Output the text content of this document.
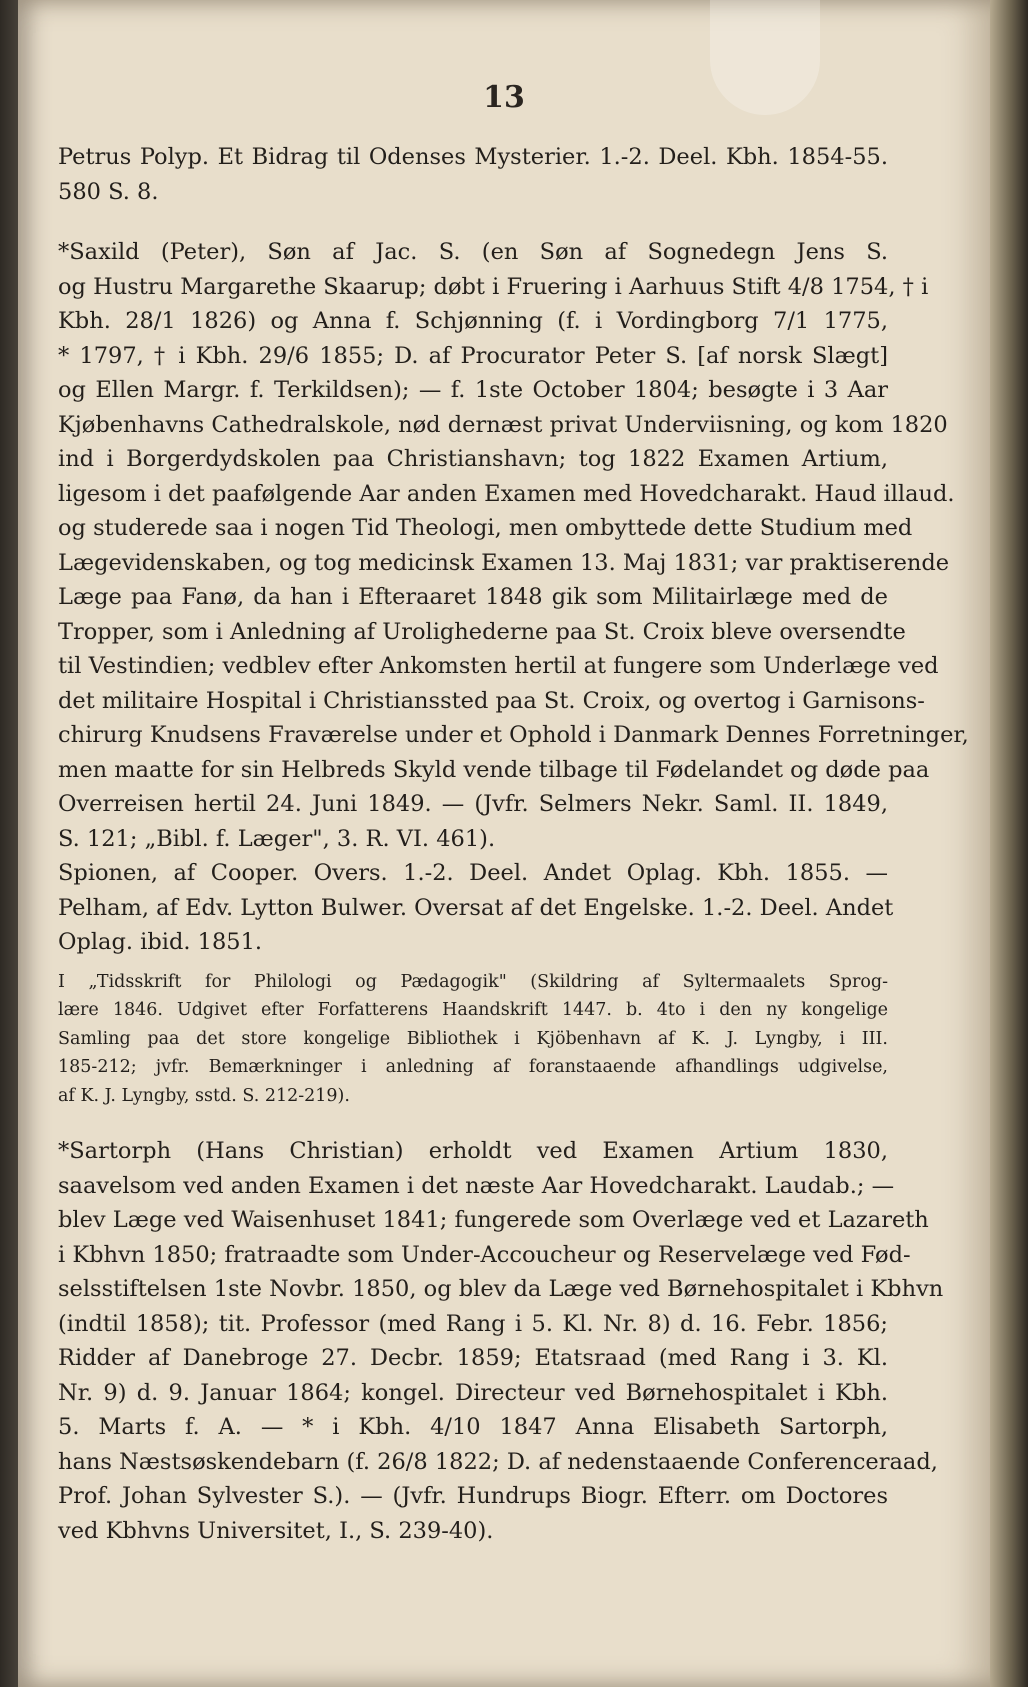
13
Petrus Polyp. Et Bidrag til Odenses Mysterier. 1.-2. Deel. Kbh. 1854-55.
580 S. 8.
*Saxild (Peter), Søn af Jac. S. (en Søn af Sognedegn Jens S.
og Hustru Margarethe Skaarup; døbt i Fruering i Aarhuus Stift 4/8 1754, † i
Kbh. 28/1 1826) og Anna f. Schjønning (f. i Vordingborg 7/1 1775,
* 1797, † i Kbh. 29/6 1855; D. af Procurator Peter S. [af norsk Slægt]
og Ellen Margr. f. Terkildsen); — f. 1ste October 1804; besøgte i 3 Aar
Kjøbenhavns Cathedralskole, nød dernæst privat Underviisning, og kom 1820
ind i Borgerdydskolen paa Christianshavn; tog 1822 Examen Artium,
ligesom i det paafølgende Aar anden Examen med Hovedcharakt. Haud illaud.
og studerede saa i nogen Tid Theologi, men ombyttede dette Studium med
Lægevidenskaben, og tog medicinsk Examen 13. Maj 1831; var praktiserende
Læge paa Fanø, da han i Efteraaret 1848 gik som Militairlæge med de
Tropper, som i Anledning af Urolighederne paa St. Croix bleve oversendte
til Vestindien; vedblev efter Ankomsten hertil at fungere som Underlæge ved
det militaire Hospital i Christianssted paa St. Croix, og overtog i Garnisons-
chirurg Knudsens Fraværelse under et Ophold i Danmark Dennes Forretninger,
men maatte for sin Helbreds Skyld vende tilbage til Fødelandet og døde paa
Overreisen hertil 24. Juni 1849. — (Jvfr. Selmers Nekr. Saml. II. 1849,
S. 121; „Bibl. f. Læger", 3. R. VI. 461).
Spionen, af Cooper. Overs. 1.-2. Deel. Andet Oplag. Kbh. 1855. —
Pelham, af Edv. Lytton Bulwer. Oversat af det Engelske. 1.-2. Deel. Andet
Oplag. ibid. 1851.
I „Tidsskrift for Philologi og Pædagogik" (Skildring af Syltermaalets Sprog-
lære 1846. Udgivet efter Forfatterens Haandskrift 1447. b. 4to i den ny kongelige
Samling paa det store kongelige Bibliothek i Kjöbenhavn af K. J. Lyngby, i III.
185-212; jvfr. Bemærkninger i anledning af foranstaaende afhandlings udgivelse,
af K. J. Lyngby, sstd. S. 212-219).
*Sartorph (Hans Christian) erholdt ved Examen Artium 1830,
saavelsom ved anden Examen i det næste Aar Hovedcharakt. Laudab.; —
blev Læge ved Waisenhuset 1841; fungerede som Overlæge ved et Lazareth
i Kbhvn 1850; fratraadte som Under-Accoucheur og Reservelæge ved Fød-
selsstiftelsen 1ste Novbr. 1850, og blev da Læge ved Børnehospitalet i Kbhvn
(indtil 1858); tit. Professor (med Rang i 5. Kl. Nr. 8) d. 16. Febr. 1856;
Ridder af Danebroge 27. Decbr. 1859; Etatsraad (med Rang i 3. Kl.
Nr. 9) d. 9. Januar 1864; kongel. Directeur ved Børnehospitalet i Kbh.
5. Marts f. A. — * i Kbh. 4/10 1847 Anna Elisabeth Sartorph,
hans Næstsøskendebarn (f. 26/8 1822; D. af nedenstaaende Conferenceraad,
Prof. Johan Sylvester S.). — (Jvfr. Hundrups Biogr. Efterr. om Doctores
ved Kbhvns Universitet, I., S. 239-40).
